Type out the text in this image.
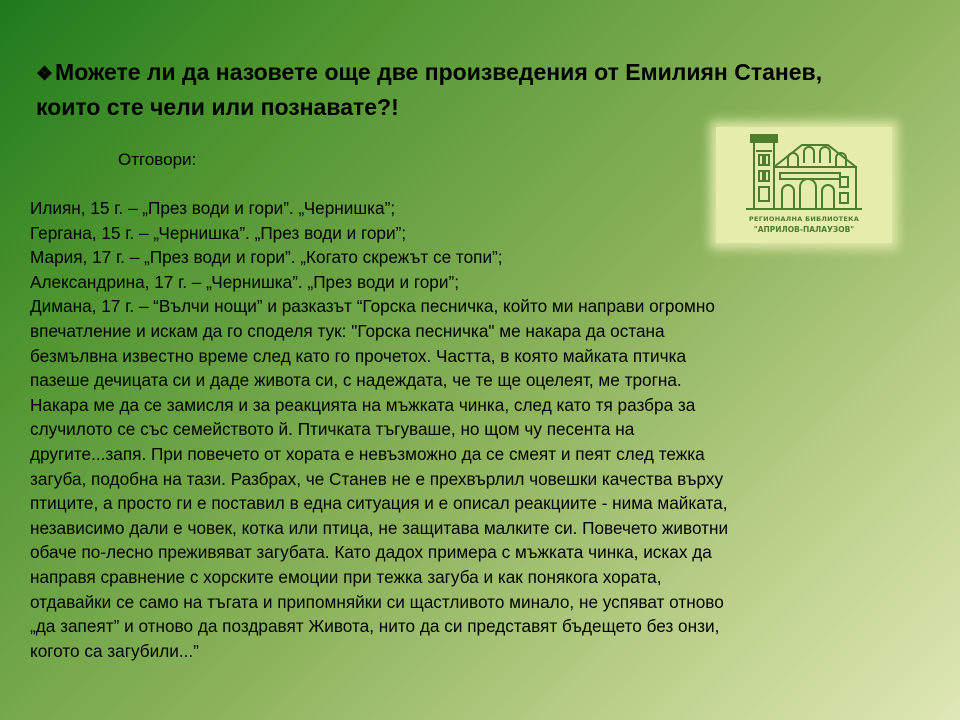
❖Можете ли да назовете още две произведения от Емилиян Станев, които сте чели или познавате?!
Отговори:

Илиян, 15 г. – „През води и гори”. „Чернишка”;

Гергана, 15 г. – „Чернишка”. „През води и гори”;

Мария, 17 г. – „През води и гори”. „Когато скрежът се топи”;

Александрина, 17 г. – „Чернишка”. „През води и гори”;

Димана, 17 г. – “Вълчи нощи” и разказът “Горска песничка, който ми направи огромно

впечатление и искам да го споделя тук: "Горска песничка" ме накара да остана

безмълвна известно време след като го прочетох. Частта, в която майката птичка

пазеше дечицата си и даде живота си, с надеждата, че те ще оцелеят, ме трогна.

Накара ме да се замисля и за реакцията на мъжката чинка, след като тя разбра за

случилото се със семейството й. Птичката тъгуваше, но щом чу песента на

другите...запя. При повечето от хората е невъзможно да се смеят и пеят след тежка

загуба, подобна на тази. Разбрах, че Станев не е прехвърлил човешки качества върху

птиците, а просто ги е поставил в една ситуация и е описал реакциите - нима майката,

независимо дали е човек, котка или птица, не защитава малките си. Повечето животни

обаче по-лесно преживяват загубата. Като дадох примера с мъжката чинка, исках да

направя сравнение с хорските емоции при тежка загуба и как понякога хората,

отдавайки се само на тъгата и припомняйки си щастливото минало, не успяват отново

„да запеят” и отново да поздравят Живота, нито да си представят бъдещето без онзи,

когото са загубили...”

РЕГИОНАЛНА БИБЛИОТЕКА
"АПРИЛОВ-ПАЛАУЗОВ"
